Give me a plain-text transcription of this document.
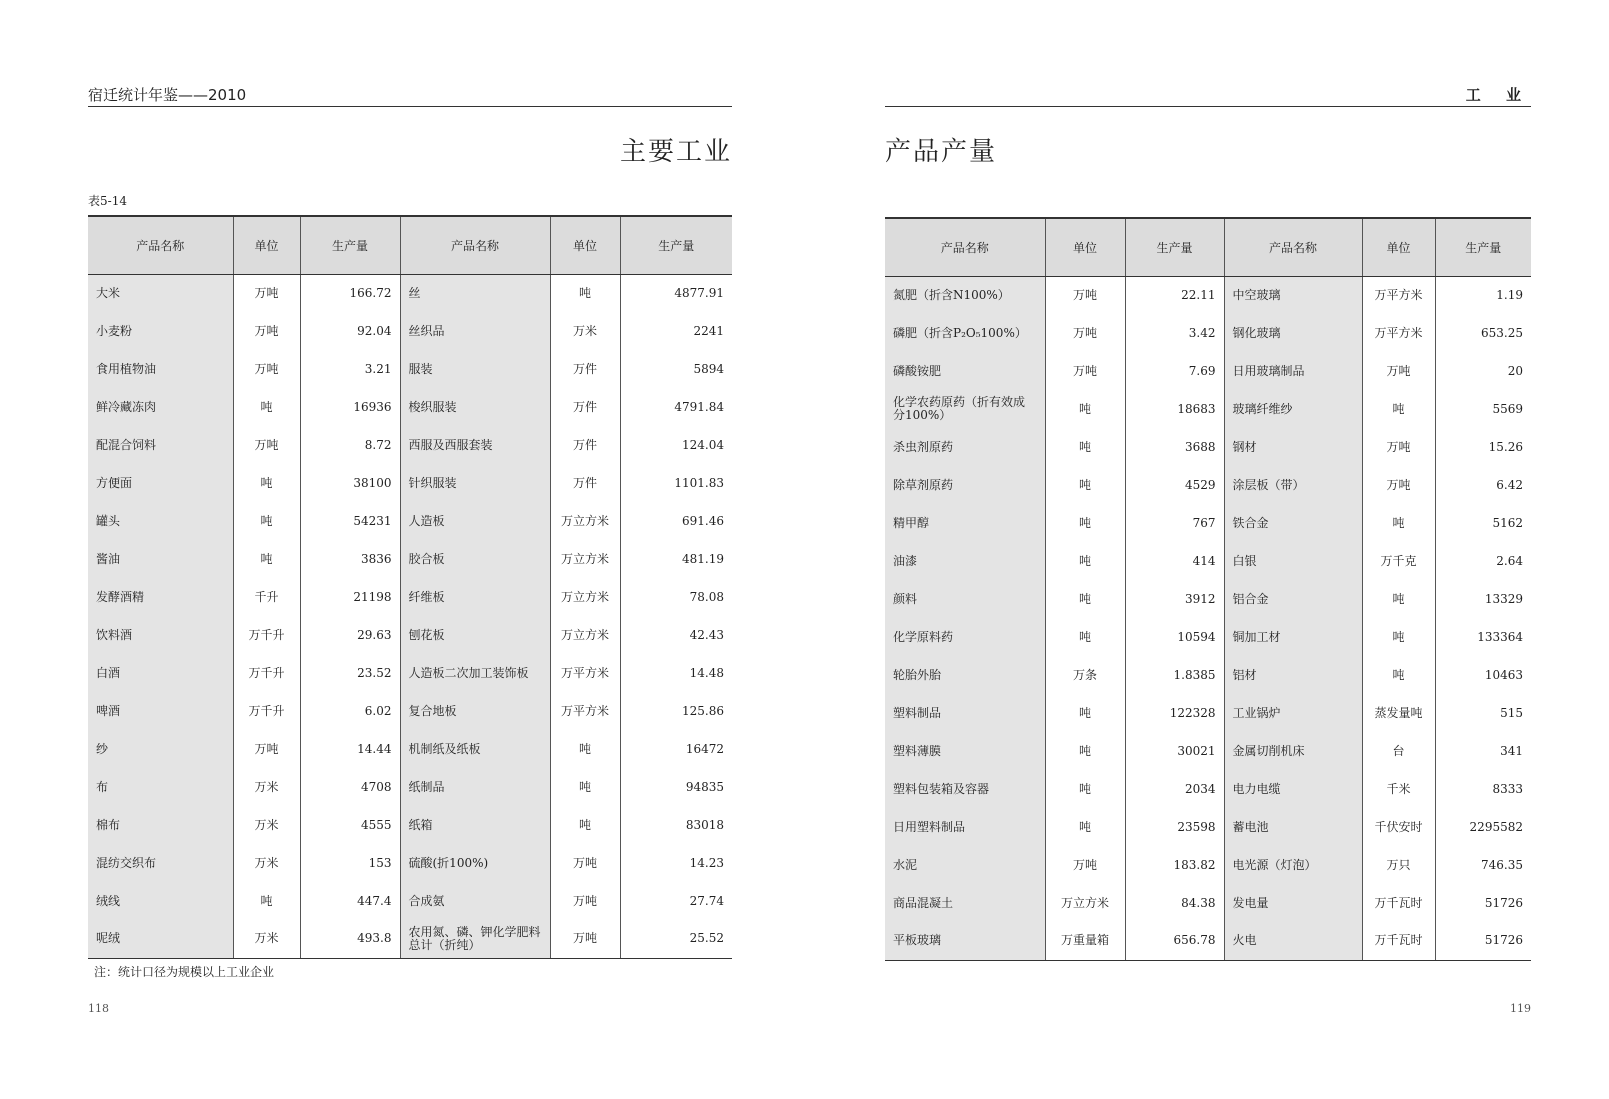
宿迁统计年鉴——2010
主要工业
表5-14
产品名称	单位	生产量	产品名称	单位	生产量
大米	万吨	166.72	丝	吨	4877.91
小麦粉	万吨	92.04	丝织品	万米	2241
食用植物油	万吨	3.21	服装	万件	5894
鲜冷藏冻肉	吨	16936	梭织服装	万件	4791.84
配混合饲料	万吨	8.72	西服及西服套装	万件	124.04
方便面	吨	38100	针织服装	万件	1101.83
罐头	吨	54231	人造板	万立方米	691.46
酱油	吨	3836	胶合板	万立方米	481.19
发酵酒精	千升	21198	纤维板	万立方米	78.08
饮料酒	万千升	29.63	刨花板	万立方米	42.43
白酒	万千升	23.52	人造板二次加工装饰板	万平方米	14.48
啤酒	万千升	6.02	复合地板	万平方米	125.86
纱	万吨	14.44	机制纸及纸板	吨	16472
布	万米	4708	纸制品	吨	94835
棉布	万米	4555	纸箱	吨	83018
混纺交织布	万米	153	硫酸(折100%)	万吨	14.23
绒线	吨	447.4	合成氨	万吨	27.74
呢绒	万米	493.8	农用氮、磷、钾化学肥料总计（折纯）	万吨	25.52
注：统计口径为规模以上工业企业
118
工 业
产品产量
产品名称	单位	生产量	产品名称	单位	生产量
氮肥（折含N100%）	万吨	22.11	中空玻璃	万平方米	1.19
磷肥（折含P₂O₅100%）	万吨	3.42	钢化玻璃	万平方米	653.25
磷酸铵肥	万吨	7.69	日用玻璃制品	万吨	20
化学农药原药（折有效成分100%）	吨	18683	玻璃纤维纱	吨	5569
杀虫剂原药	吨	3688	钢材	万吨	15.26
除草剂原药	吨	4529	涂层板（带）	万吨	6.42
精甲醇	吨	767	铁合金	吨	5162
油漆	吨	414	白银	万千克	2.64
颜料	吨	3912	铝合金	吨	13329
化学原料药	吨	10594	铜加工材	吨	133364
轮胎外胎	万条	1.8385	铝材	吨	10463
塑料制品	吨	122328	工业锅炉	蒸发量吨	515
塑料薄膜	吨	30021	金属切削机床	台	341
塑料包装箱及容器	吨	2034	电力电缆	千米	8333
日用塑料制品	吨	23598	蓄电池	千伏安时	2295582
水泥	万吨	183.82	电光源（灯泡）	万只	746.35
商品混凝土	万立方米	84.38	发电量	万千瓦时	51726
平板玻璃	万重量箱	656.78	火电	万千瓦时	51726
119
